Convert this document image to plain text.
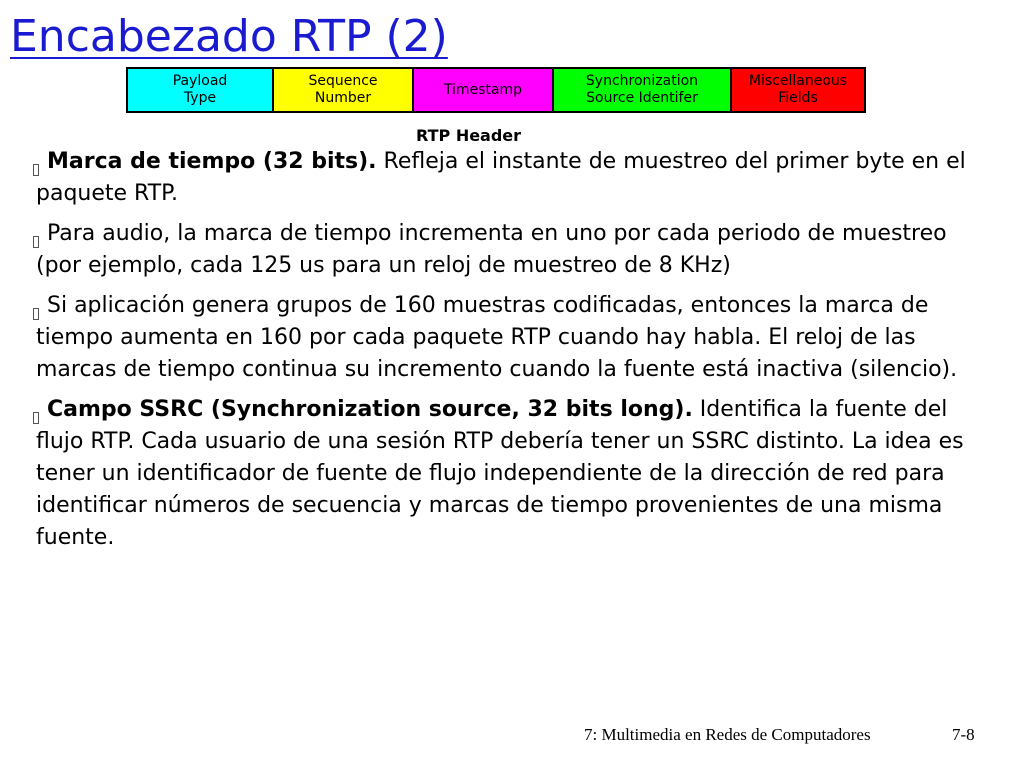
Encabezado RTP (2)
Payload
Type
Sequence
Number
Timestamp
Synchronization
Source Identifer
Miscellaneous
Fields
RTP Header
Marca de tiempo (32 bits). Refleja el instante de muestreo del primer byte en el paquete RTP.
Para audio, la marca de tiempo incrementa en uno por cada periodo de muestreo (por ejemplo, cada 125 us para un reloj de muestreo de 8 KHz)
Si aplicación genera grupos de 160 muestras codificadas, entonces la marca de tiempo aumenta en 160 por cada paquete RTP cuando hay habla. El reloj de las marcas de tiempo continua su incremento cuando la fuente está inactiva (silencio).
Campo SSRC (Synchronization source, 32 bits long). Identifica la fuente del flujo RTP. Cada usuario de una sesión RTP debería tener un SSRC distinto. La idea es tener un identificador de fuente de flujo independiente de la dirección de red para identificar números de secuencia y marcas de tiempo provenientes de una misma fuente.
7: Multimedia en Redes de Computadores	7-8
